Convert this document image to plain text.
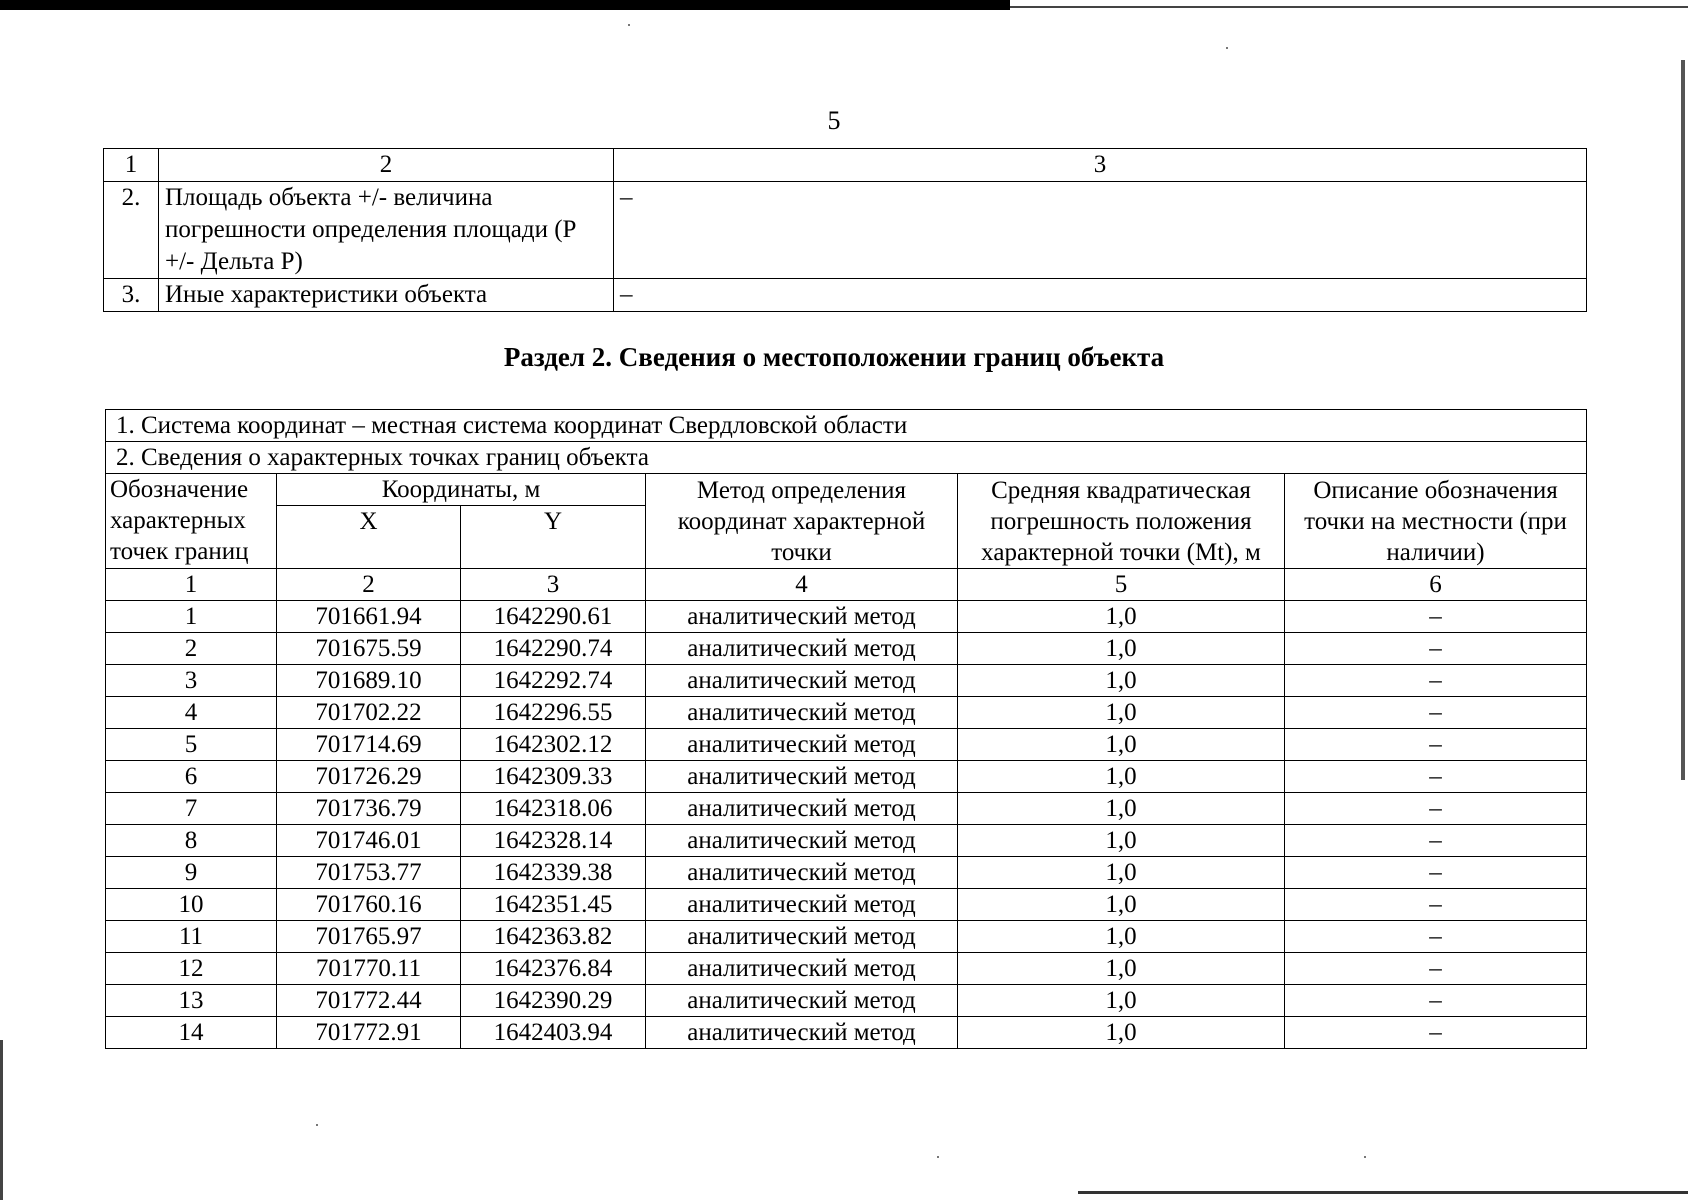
5
1	2	3
2.	Площадь объекта +/- величина погрешности определения площади (Р +/- Дельта Р)	–
3.	Иные характеристики объекта	–
Раздел 2. Сведения о местоположении границ объекта
1. Система координат – местная система координат Свердловской области					
2. Сведения о характерных точках границ объекта					
Обозначение характерных точек границ	Координаты, м		Метод определения координат характерной точки	Средняя квадратическая погрешность положения характерной точки (Mt), м	Описание обозначения точки на местности (при наличии)
	X	Y			
1	2	3	4	5	6
1	701661.94	1642290.61	аналитический метод	1,0	–
2	701675.59	1642290.74	аналитический метод	1,0	–
3	701689.10	1642292.74	аналитический метод	1,0	–
4	701702.22	1642296.55	аналитический метод	1,0	–
5	701714.69	1642302.12	аналитический метод	1,0	–
6	701726.29	1642309.33	аналитический метод	1,0	–
7	701736.79	1642318.06	аналитический метод	1,0	–
8	701746.01	1642328.14	аналитический метод	1,0	–
9	701753.77	1642339.38	аналитический метод	1,0	–
10	701760.16	1642351.45	аналитический метод	1,0	–
11	701765.97	1642363.82	аналитический метод	1,0	–
12	701770.11	1642376.84	аналитический метод	1,0	–
13	701772.44	1642390.29	аналитический метод	1,0	–
14	701772.91	1642403.94	аналитический метод	1,0	–
